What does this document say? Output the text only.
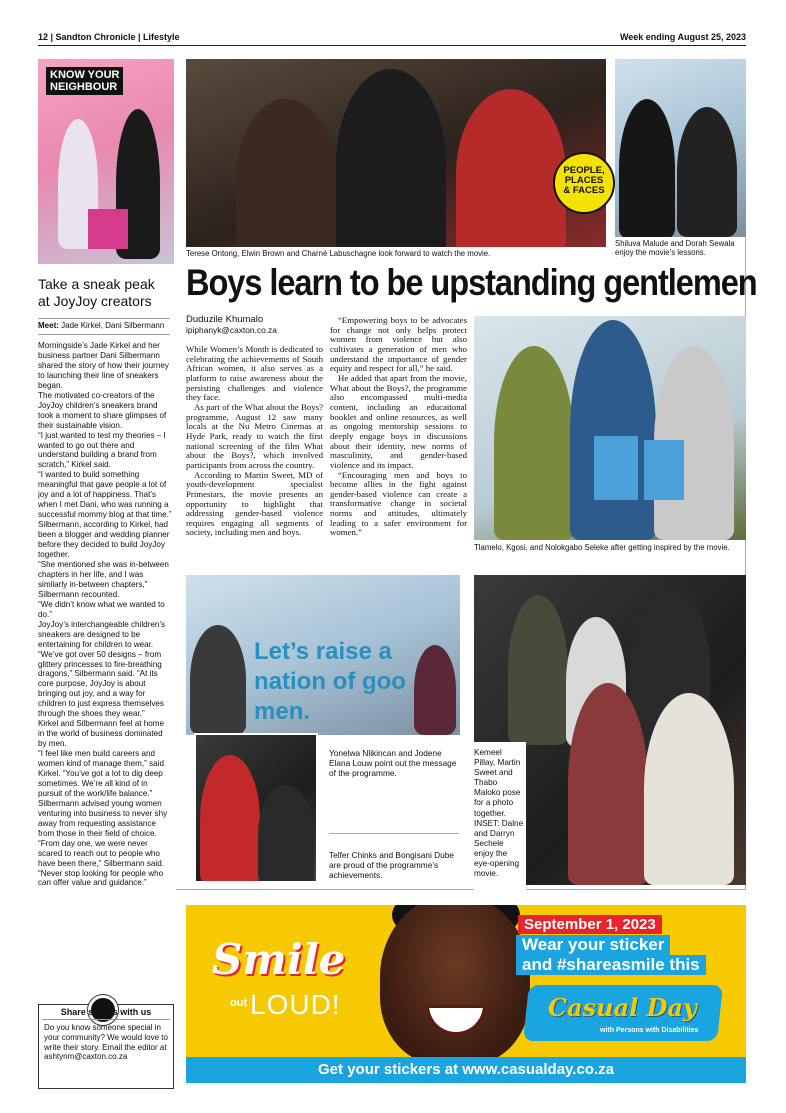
12 | Sandton Chronicle | Lifestyle	Week ending August 25, 2023
KNOW YOUR
NEIGHBOUR
Take a sneak peak at JoyJoy creators
Meet: Jade Kirkel, Dani Silbermann

Morningside’s Jade Kirkel and her business partner Dani Silbermann shared the story of how their journey to launching their line of sneakers began.

The motivated co-creators of the JoyJoy children’s sneakers brand took a moment to share glimpses of their sustainable vision.

“I just wanted to test my theories – I wanted to go out there and understand building a brand from scratch,” Kirkel said.

“I wanted to build something meaningful that gave people a lot of joy and a lot of happiness. That’s when I met Dani, who was running a successful mommy blog at that time.”

Silbermann, according to Kirkel, had been a blogger and wedding planner before they decided to build JoyJoy together.

“She mentioned she was in-between chapters in her life, and I was similarly in-between chapters,” Silbermann recounted.

“We didn’t know what we wanted to do.”

JoyJoy’s interchangeable children’s sneakers are designed to be entertaining for children to wear.

“We’ve got over 50 designs – from glittery princesses to fire-breathing dragons,” Silbermann said. “At its core purpose, JoyJoy is about bringing out joy, and a way for children to just express themselves through the shoes they wear.”

Kirkel and Silbermann feel at home in the world of business dominated by men.

“I feel like men build careers and women kind of manage them,” said Kirkel. “You’ve got a lot to dig deep sometimes. We’re all kind of in pursuit of the work/life balance.”

Silbermann advised young women venturing into business to never shy away from requesting assistance from those in their field of choice.

“From day one, we were never scared to reach out to people who have been there,” Silbermann said. “Never stop looking for people who can offer value and guidance.”

Share stories with us
Do you know someone special in your community? We would love to write their story. Email the editor at ashtynm@caxton.co.za
PEOPLE,
PLACES
& FACES
Terese Ontong, Elwin Brown and Charné Labuschagne look forward to watch the movie.
Shiluva Malude and Dorah Sewala enjoy the movie’s lessons.
Boys learn to be upstanding gentlemen
Duduzile Khumalo
ipiphanyk@caxton.co.za

While Women’s Month is dedicated to celebrating the achievements of South African women, it also serves as a platform to raise awareness about the persisting challenges and violence they face.

As part of the What about the Boys? programme, August 12 saw many locals at the Nu Metro Cinemas at Hyde Park, ready to watch the first national screening of the film What about the Boys?, which involved participants from across the country.

According to Martin Sweet, MD of youth-development specialist Primestars, the movie presents an opportunity to highlight that addressing gender-based violence requires engaging all segments of society, including men and boys.

“Empowering boys to be advocates for change not only helps protect women from violence but also cultivates a generation of men who understand the importance of gender equity and respect for all,” he said.

He added that apart from the movie, What about the Boys?, the programme also encompassed multi-media content, including an educational booklet and online resources, as well as ongoing mentorship sessions to deeply engage boys in discussions about their identity, new norms of masculinity, and gender-based violence and its impact.

“Encouraging men and boys to become allies in the fight against gender-based violence can create a transformative change in societal norms and attitudes, ultimately leading to a safer environment for women.”

Tlamelo, Kgosi, and Nolokgabo Seleke after getting inspired by the movie.
Let’s raise a
nation of goo
men.
Yonelwa Nlikincan and Jodene Elana Louw point out the message of the programme.
Telfer Chinks and Bongisani Dube are proud of the programme’s achievements.
Kemeel Pillay, Martin Sweet and Thabo Maloko pose for a photo together. INSET: Dalne and Darryn Sechele enjoy the eye-opening movie.
Smile
out LOUD!
September 1, 2023
Wear your sticker
and #shareasmile this
Casual Day
with Persons with Disabilities
Get your stickers at www.casualday.co.za
